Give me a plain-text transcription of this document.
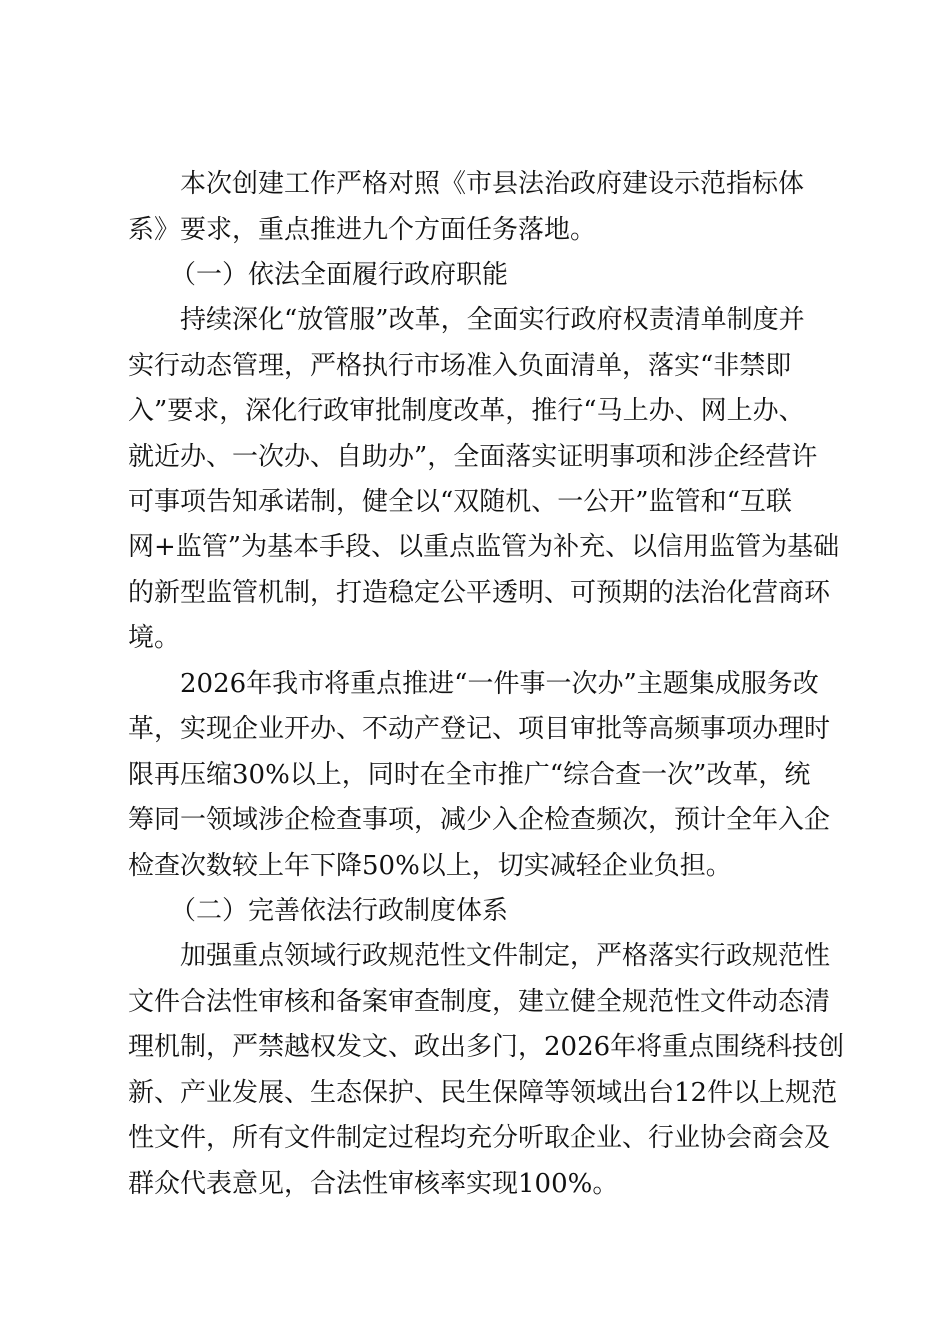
本次创建工作严格对照《市县法治政府建设示范指标体
系》要求，重点推进九个方面任务落地。
（一）依法全面履行政府职能
持续深化“放管服”改革，全面实行政府权责清单制度并
实行动态管理，严格执行市场准入负面清单，落实“非禁即
入”要求，深化行政审批制度改革，推行“马上办、网上办、
就近办、一次办、自助办”，全面落实证明事项和涉企经营许
可事项告知承诺制，健全以“双随机、一公开”监管和“互联
网+监管”为基本手段、以重点监管为补充、以信用监管为基础
的新型监管机制，打造稳定公平透明、可预期的法治化营商环
境。
2026年我市将重点推进“一件事一次办”主题集成服务改
革，实现企业开办、不动产登记、项目审批等高频事项办理时
限再压缩30%以上，同时在全市推广“综合查一次”改革，统
筹同一领域涉企检查事项，减少入企检查频次，预计全年入企
检查次数较上年下降50%以上，切实减轻企业负担。
（二）完善依法行政制度体系
加强重点领域行政规范性文件制定，严格落实行政规范性
文件合法性审核和备案审查制度，建立健全规范性文件动态清
理机制，严禁越权发文、政出多门，2026年将重点围绕科技创
新、产业发展、生态保护、民生保障等领域出台12件以上规范
性文件，所有文件制定过程均充分听取企业、行业协会商会及
群众代表意见，合法性审核率实现100%。
